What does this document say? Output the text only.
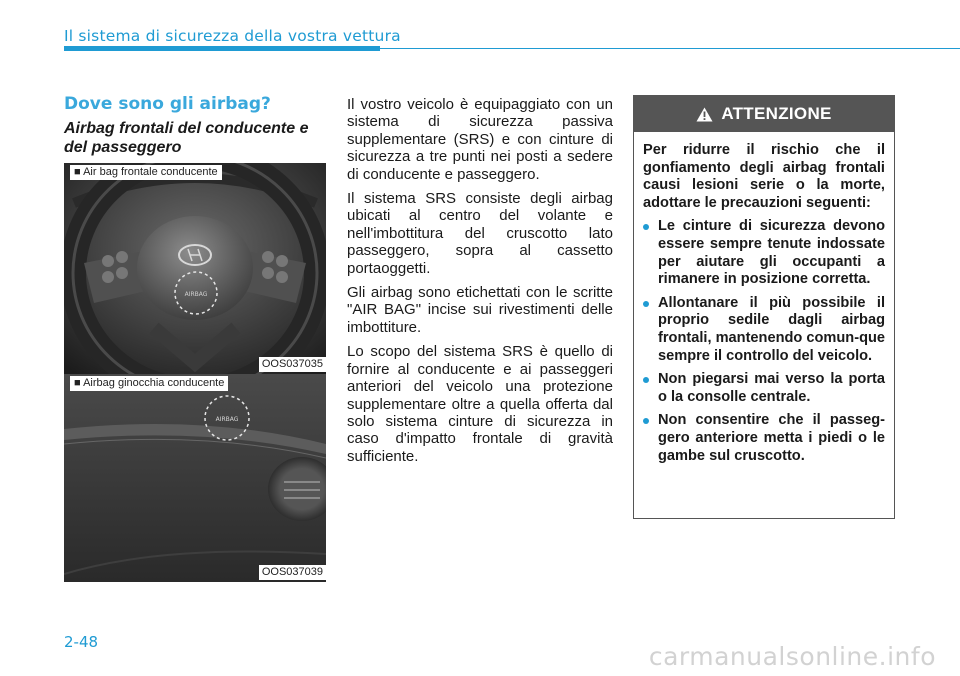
Il sistema di sicurezza della vostra vettura
Dove sono gli airbag?
Airbag frontali del conducente e del passeggero
AIRBAG
■ Air bag frontale conducente
OOS037035
AIRBAG
■ Airbag ginocchia conducente
OOS037039

Il vostro veicolo è equipaggiato con un sistema di sicurezza passiva supplementare (SRS) e con cinture di sicurezza a tre punti nei posti a sedere di conducente e passeggero.

Il sistema SRS consiste degli airbag ubicati al centro del volante e nell'imbottitura del cruscotto lato passeggero, sopra al cassetto portaoggetti.

Gli airbag sono etichettati con le scritte "AIR BAG" incise sui rivestimenti delle imbottiture.

Lo scopo del sistema SRS è quello di fornire al conducente e ai passeggeri anteriori del veicolo una protezione supplementare oltre a quella offerta dal solo sistema cinture di sicurezza in caso d'impatto frontale di gravità sufficiente.

ATTENZIONE
Per ridurre il rischio che il gonfiamento degli airbag frontali causi lesioni serie o la morte, adottare le precauzioni seguenti:
Le cinture di sicurezza devono essere sempre tenute indossate per aiutare gli occupanti a rimanere in posizione corretta.
Allontanare il più possibile il proprio sedile dagli airbag frontali, mantenendo comun-que sempre il controllo del veicolo.
Non piegarsi mai verso la porta o la consolle centrale.
Non consentire che il passeg-gero anteriore metta i piedi o le gambe sul cruscotto.
2-48	carmanualsonline.info
